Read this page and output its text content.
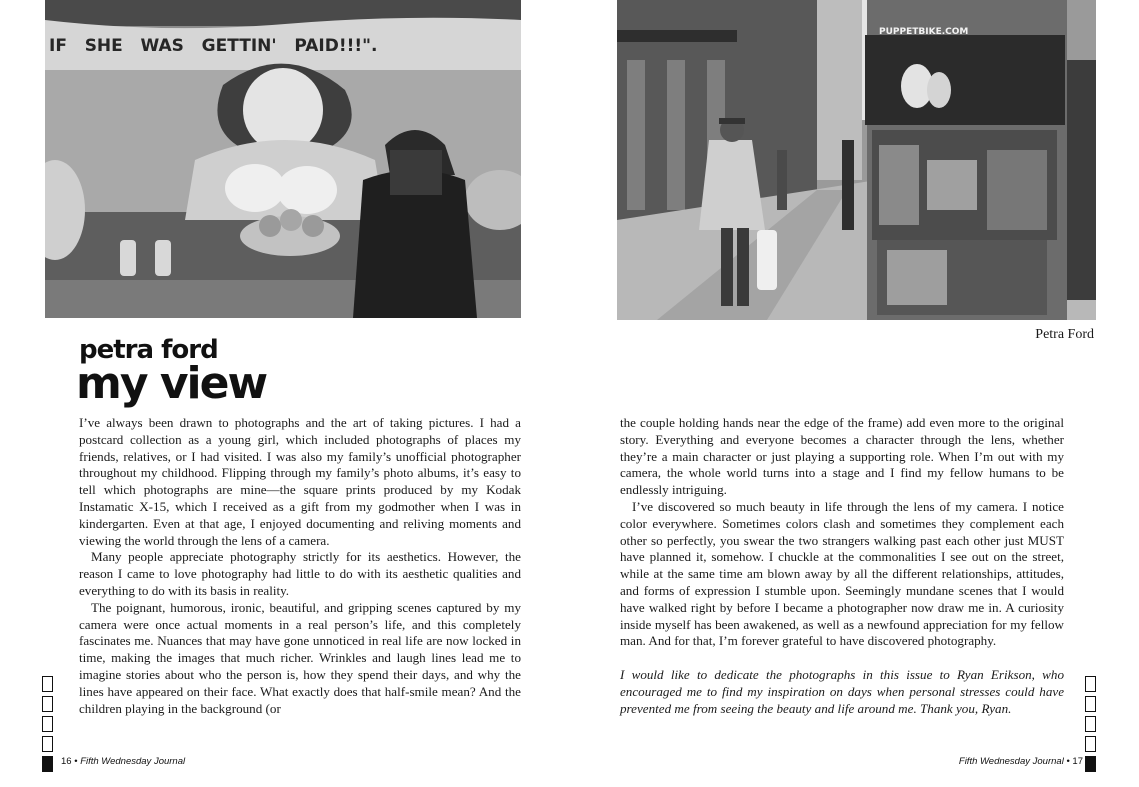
IF   SHE   WAS   GETTIN'   PAID!!!".
PUPPETBIKE.COM
Petra Ford
petra ford
my view

I’ve always been drawn to photographs and the art of taking pictures. I had a postcard collection as a young girl, which included photographs of places my friends, relatives, or I had visited. I was also my family’s unofficial photographer throughout my childhood. Flipping through my family’s photo albums, it’s easy to tell which photographs are mine—the square prints produced by my Kodak Instamatic X-15, which I received as a gift from my godmother when I was in kindergarten. Even at that age, I enjoyed documenting and reliving moments and viewing the world through the lens of a camera.

Many people appreciate photography strictly for its aesthetics. However, the reason I came to love photography had little to do with its aesthetic qualities and everything to do with its basis in reality.

The poignant, humorous, ironic, beautiful, and gripping scenes captured by my camera were once actual moments in a real person’s life, and this completely fascinates me. Nuances that may have gone unnoticed in real life are now locked in time, making the images that much richer. Wrinkles and laugh lines lead me to imagine stories about who the person is, how they spend their days, and why the lines have appeared on their face. What exactly does that half-smile mean? And the children playing in the background (or

the couple holding hands near the edge of the frame) add even more to the original story. Everything and everyone becomes a character through the lens, whether they’re a main character or just playing a supporting role. When I’m out with my camera, the whole world turns into a stage and I find my fellow humans to be endlessly intriguing.

I’ve discovered so much beauty in life through the lens of my camera. I notice color everywhere. Sometimes colors clash and sometimes they complement each other so perfectly, you swear the two strangers walking past each other just MUST have planned it, somehow. I chuckle at the commonalities I see out on the street, while at the same time am blown away by all the different relationships, attitudes, and forms of expression I stumble upon. Seemingly mundane scenes that I would have walked right by before I became a photographer now draw me in. A curiosity inside myself has been awakened, as well as a newfound appreciation for my fellow man. And for that, I’m forever grateful to have discovered photography.

I would like to dedicate the photographs in this issue to Ryan Erikson, who encouraged me to find my inspiration on days when personal stresses could have prevented me from seeing the beauty and life around me. Thank you, Ryan.

16 • Fifth Wednesday Journal	Fifth Wednesday Journal • 17
